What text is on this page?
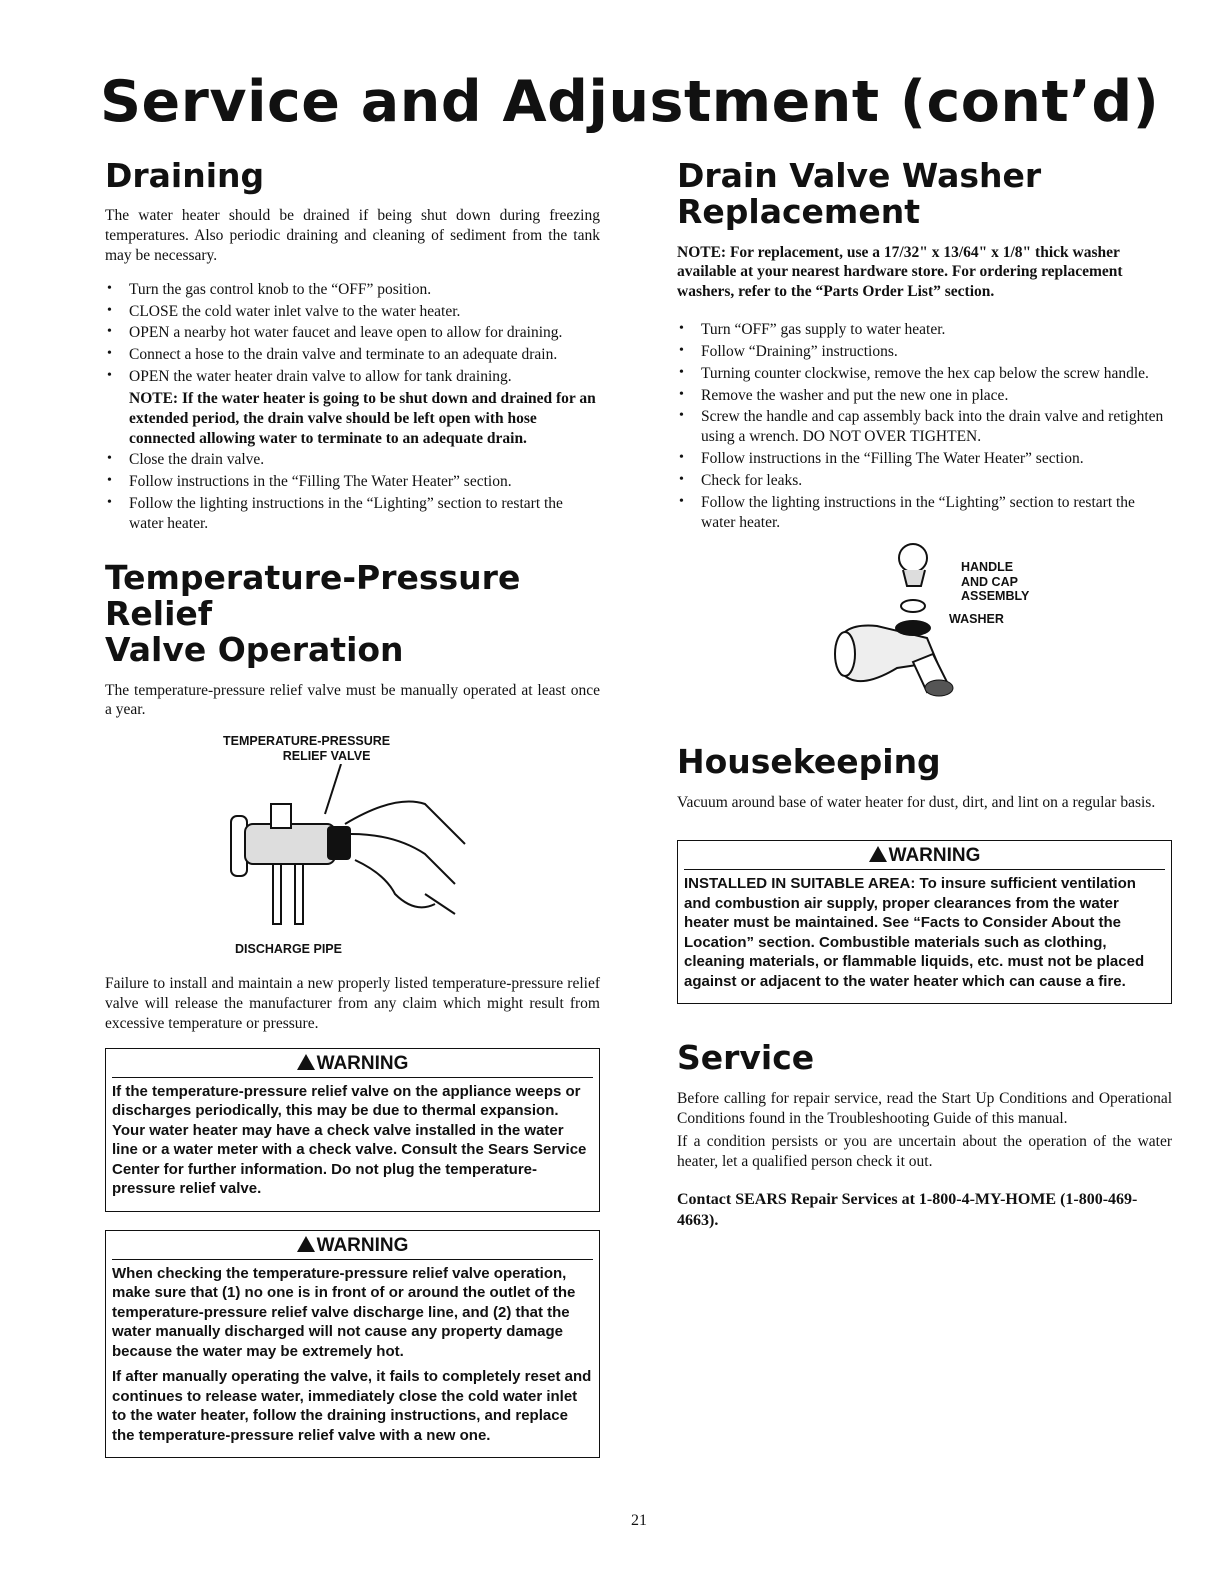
Service and Adjustment (cont’d)
Draining

The water heater should be drained if being shut down during freezing temperatures. Also periodic draining and cleaning of sediment from the tank may be necessary.

• Turn the gas control knob to the “OFF” position.
• CLOSE the cold water inlet valve to the water heater.
• OPEN a nearby hot water faucet and leave open to allow for draining.
• Connect a hose to the drain valve and terminate to an adequate drain.
• OPEN the water heater drain valve to allow for tank draining.
NOTE: If the water heater is going to be shut down and drained for an extended period, the drain valve should be left open with hose connected allowing water to terminate to an adequate drain.
• Close the drain valve.
• Follow instructions in the “Filling The Water Heater” section.
• Follow the lighting instructions in the “Lighting” section to restart the water heater.
Temperature-Pressure Relief
Valve Operation

The temperature-pressure relief valve must be manually operated at least once a year.

TEMPERATURE-PRESSURE
RELIEF VALVE
DISCHARGE PIPE

Failure to install and maintain a new properly listed temperature-pressure relief valve will release the manufacturer from any claim which might result from excessive temperature or pressure.

WARNING

If the temperature-pressure relief valve on the appliance weeps or discharges periodically, this may be due to thermal expansion. Your water heater may have a check valve installed in the water line or a water meter with a check valve. Consult the Sears Service Center for further information. Do not plug the temperature-pressure relief valve.

WARNING

When checking the temperature-pressure relief valve operation, make sure that (1) no one is in front of or around the outlet of the temperature-pressure relief valve discharge line, and (2) that the water manually discharged will not cause any property damage because the water may be extremely hot.

If after manually operating the valve, it fails to completely reset and continues to release water, immediately close the cold water inlet to the water heater, follow the draining instructions, and replace the temperature-pressure relief valve with a new one.

Drain Valve Washer
Replacement

NOTE: For replacement, use a 17/32" x 13/64" x 1/8" thick washer available at your nearest hardware store. For ordering replacement washers, refer to the “Parts Order List” section.

• Turn “OFF” gas supply to water heater.
• Follow “Draining” instructions.
• Turning counter clockwise, remove the hex cap below the screw handle.
• Remove the washer and put the new one in place.
• Screw the handle and cap assembly back into the drain valve and retighten using a wrench. DO NOT OVER TIGHTEN.
• Follow instructions in the “Filling The Water Heater” section.
• Check for leaks.
• Follow the lighting instructions in the “Lighting” section to restart the water heater.
HANDLE
AND CAP
ASSEMBLY
WASHER
Housekeeping

Vacuum around base of water heater for dust, dirt, and lint on a regular basis.

WARNING

INSTALLED IN SUITABLE AREA: To insure sufficient ventilation and combustion air supply, proper clearances from the water heater must be maintained. See “Facts to Consider About the Location” section. Combustible materials such as clothing, cleaning materials, or flammable liquids, etc. must not be placed against or adjacent to the water heater which can cause a fire.

Service

Before calling for repair service, read the Start Up Conditions and Operational Conditions found in the Troubleshooting Guide of this manual.

If a condition persists or you are uncertain about the operation of the water heater, let a qualified person check it out.

Contact SEARS Repair Services at 1-800-4-MY-HOME (1-800-469-4663).

21
